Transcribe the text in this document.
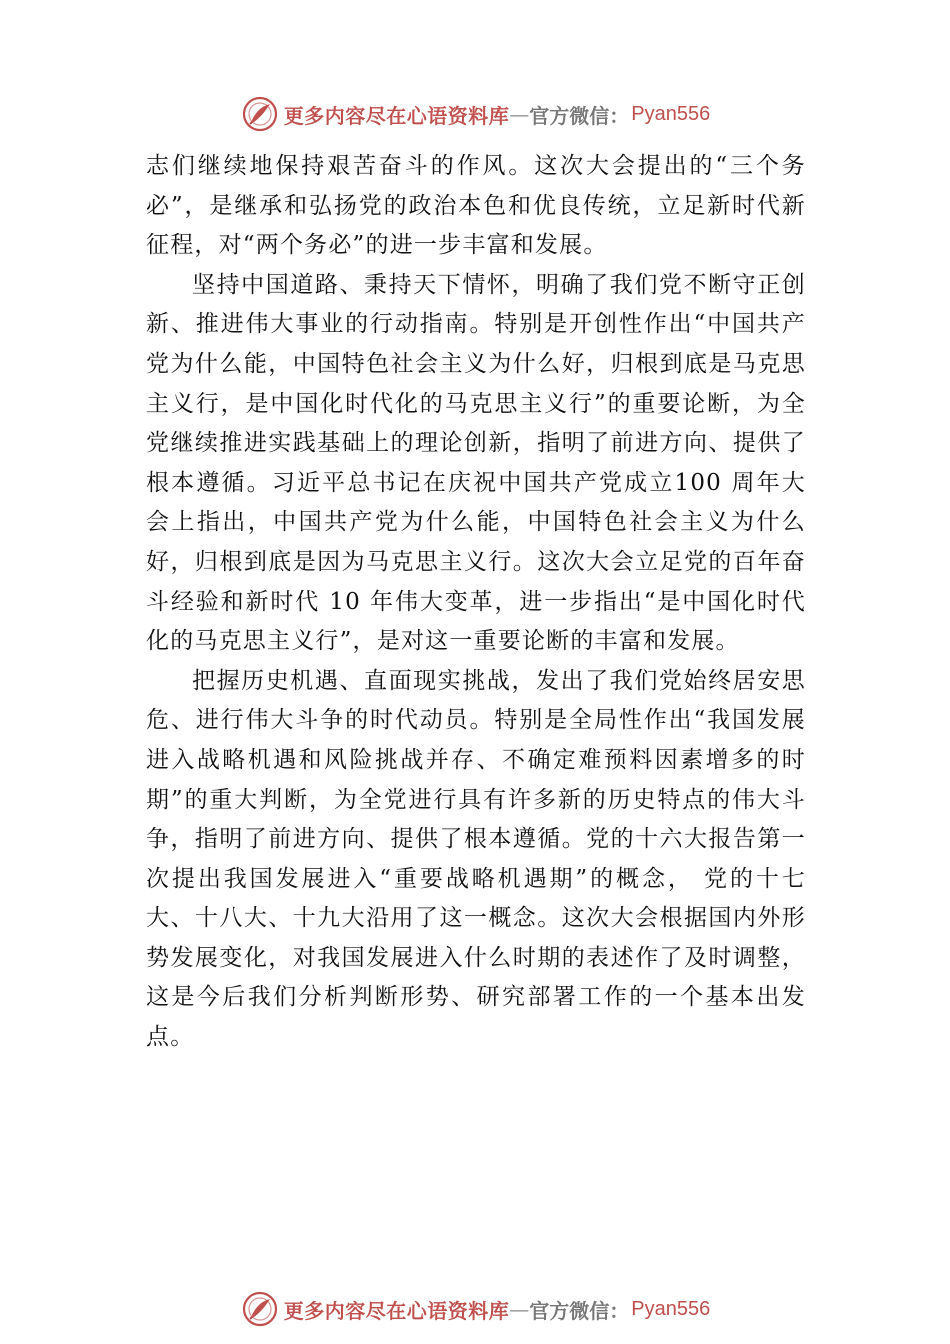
更多内容尽在心语资料库 — 官方微信： Pyan556

志们继续地保持艰苦奋斗的作风。这次大会提出的“三个务必”，是继承和弘扬党的政治本色和优良传统，立足新时代新征程，对“两个务必”的进一步丰富和发展。

坚持中国道路、秉持天下情怀，明确了我们党不断守正创新、推进伟大事业的行动指南。特别是开创性作出“中国共产党为什么能，中国特色社会主义为什么好，归根到底是马克思主义行，是中国化时代化的马克思主义行”的重要论断，为全党继续推进实践基础上的理论创新，指明了前进方向、提供了根本遵循。习近平总书记在庆祝中国共产党成立100 周年大会上指出，中国共产党为什么能，中国特色社会主义为什么好，归根到底是因为马克思主义行。这次大会立足党的百年奋斗经验和新时代 10 年伟大变革，进一步指出“是中国化时代化的马克思主义行”，是对这一重要论断的丰富和发展。

把握历史机遇、直面现实挑战，发出了我们党始终居安思危、进行伟大斗争的时代动员。特别是全局性作出“我国发展进入战略机遇和风险挑战并存、不确定难预料因素增多的时期”的重大判断，为全党进行具有许多新的历史特点的伟大斗争，指明了前进方向、提供了根本遵循。党的十六大报告第一次提出我国发展进入“重要战略机遇期”的概念， 党的十七大、十八大、十九大沿用了这一概念。这次大会根据国内外形势发展变化，对我国发展进入什么时期的表述作了及时调整，这是今后我们分析判断形势、研究部署工作的一个基本出发点。

更多内容尽在心语资料库 — 官方微信： Pyan556
